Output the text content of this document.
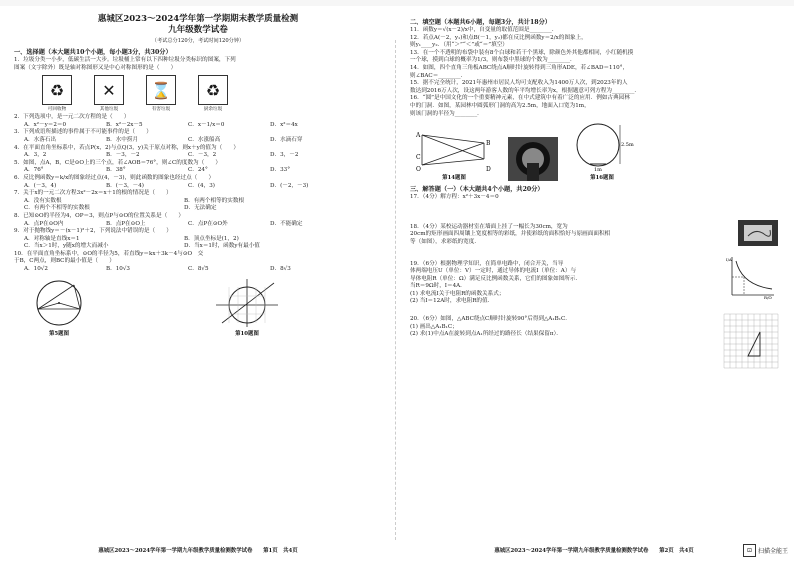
惠城区2023～2024学年第一学期期末教学质量检测
九年级数学试卷
（考试总分120分，考试时间120分钟）
一、选择题（本大题共10个小题，每小题3分，共30分）
1．垃圾分类一小步，低碳生活一大步。垃圾桶上常有以下四种垃圾分类标识的图案，下列
图案（文字除外）既是轴对称图形又是中心对称图形的是（　　）
♻
可回收物
✕
其他垃圾
⌛
有害垃圾
♻
厨余垃圾
2．下列选项中，是一元二次方程的是（　　）
A．x²－y＝2＝0	B．x²－2x－5	C．x－1/x＝0	D．x²＝4x
3．下列成语所描述的事件属于不可能事件的是（　　）
A．水落石出	B．水中捞月	C．水涨船高	D．水滴石穿
4．在平面直角坐标系中，若点P(x，2)与点Q(3，y)关于原点对称，则x＋y的值为（　　）
A．3，2	B．－3，－2	C．－3，2	D．3，－2
5．如图，点A，B，C是⊙O上的三个点，若∠AOB＝76°，则∠C的度数为（　　）
A．76°	B．38°	C．24°	D．33°
6．反比例函数y＝k/x的图象经过点(4，－3)，则此函数的图象也经过点（　　）
A．(－3，4)	B．(－3，－4)	C．(4，3)	D．(－2，－3)
7．关于x的一元二次方程3x²－2x＝x＋1的根的情况是（　　）
A．没有实数根	B．有两个相等的实数根
C．有两个不相等的实数根	D．无法确定
8．已知⊙O的半径为4，OP＝3，则点P与⊙O的位置关系是（　　）
A．点P在⊙O内	B．点P在⊙O上	C．点P在⊙O外	D．不能确定
9．对于抛物线y＝－(x－1)²＋2，下列说法中错误的是（　　）
A．对称轴是直线x＝1	B．顶点坐标是(1，2)
C．当x＞1时，y随x的增大而减小	D．当x＝1时，函数y有最小值
10．在平面直角坐标系中，⊙O的半径为5，若直线y＝kx＋3k－4与⊙O　交
于B，C两点，则BC的最小值是（　　）
A．10√2	B．10√3	C．8√5	D．8√3
第5题图	第10题图
惠城区2023～2024学年第一学期九年级教学质量检测数学试卷　　第1页　共4页
二、填空题（本题共6小题，每题3分，共计18分）
11．函数y＝√(x－2)/x中，自变量的取值范围是________．
12．若点A(－2，y₁)和点B(－1，y₂)都在反比例函数y＝2/x的图象上，
则y₁____y₂．（用“＞”“＜”或“＝”填空）
13．在一个不透明的布袋中装有8个白球和若干个黑球，除颜色外其他都相同，小红随机摸
一个球，摸到白球的概率为1/3，则布袋中黑球的个数为________．
14．如图，四个直角三角板ABC绕点A顺时针旋转得到三角形ADE，若∠BAD＝110°，
则∠BAC＝________．
15．据不完全统计，2021年惠州市居民人均可支配收入为1400万人次，到2023年的人
数达到2016万人次，设这两年游客人数的年平均增长率为x，根据题意可列方程为________．
16．“圆”是中国文化的一个重要精神元素，在中式建筑中有着广泛的应用．例如古典园林
中的门洞．如图，某园林中圆弧形门洞的高为2.5m，地面入口宽为1m，
则该门洞的半径为________．
A
C
O
B
D
第14题图
2.5m
1m
第16题图
三、解答题（一）（本大题共4个小题，共20分）
17．（4分）解方程：x²＋3x－4＝0
18．（4分）某校运动器材室在墙面上挂了一幅长为30cm，宽为
20cm的矩形画面四周镶上宽度相等的彩纸，并使彩纸的面积恰好与原画面面积相
等（如图），求彩纸的宽度．
19．（6分）根据物理学知识，在简单电路中，闭合开关，当导
体两端电压U（单位：V）一定时，通过导体的电流I（单位：A）与
导体电阻R（单位：Ω）满足反比例函数关系，它们的图象如图所示．
当R＝9Ω时，I＝4A．
(1) 求电流I关于电阻R的函数关系式；
(2) 当I＝12A时，求电阻R的值．
I/A
R/Ω
20．（6分）如图，△ABC绕点C顺时针旋转90°后得到△A₁B₁C．
(1) 画出△A₁B₁C；
(2) 求(1)中点A在旋转到点A₁所经过的路径长（结果保留π）．
惠城区2023～2024学年第一学期九年级教学质量检测数学试卷　　第2页　共4页	⊡ 扫描全能王
